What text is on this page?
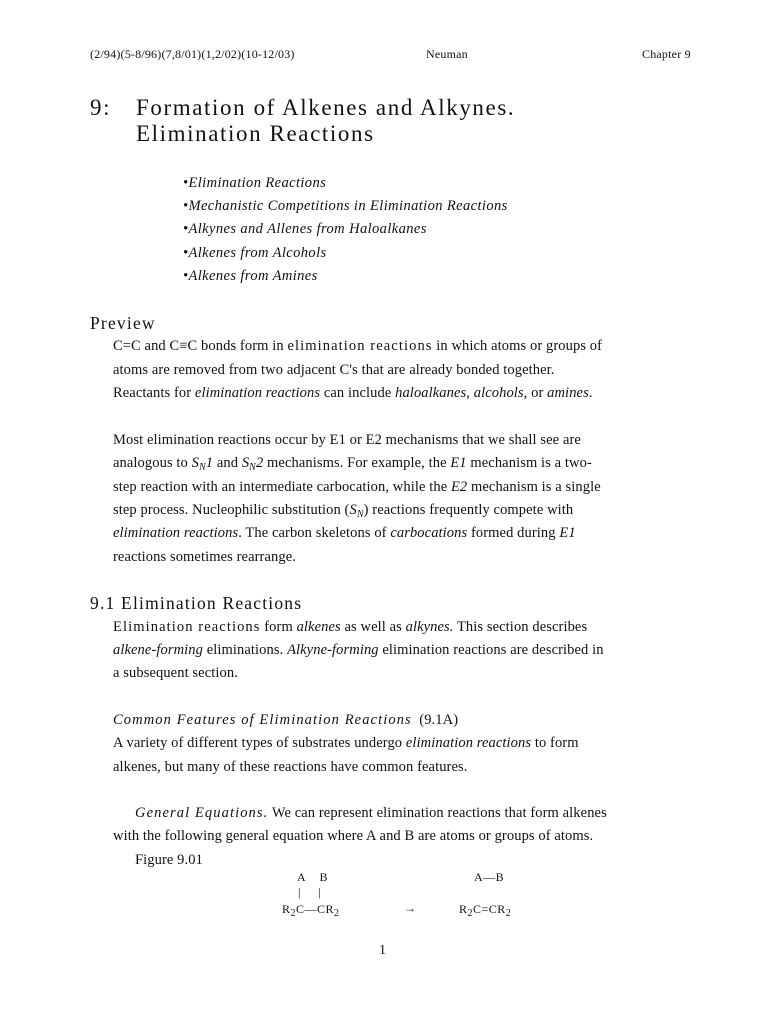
(2/94)(5-8/96)(7,8/01)(1,2/02)(10-12/03)	Neuman	Chapter 9
9: Formation of Alkenes and Alkynes.
Elimination Reactions
•Elimination Reactions
•Mechanistic Competitions in Elimination Reactions
•Alkynes and Allenes from Haloalkanes
•Alkenes from Alcohols
•Alkenes from Amines
Preview
C=C and C≡C bonds form in elimination reactions in which atoms or groups of
atoms are removed from two adjacent C's that are already bonded together.
Reactants for elimination reactions can include haloalkanes, alcohols, or amines.
Most elimination reactions occur by E1 or E2 mechanisms that we shall see are
analogous to $S_N1$ and $S_N2$ mechanisms. For example, the E1 mechanism is a two-
step reaction with an intermediate carbocation, while the E2 mechanism is a single
step process. Nucleophilic substitution $(S_N)$ reactions frequently compete with
elimination reactions. The carbon skeletons of carbocations formed during E1
reactions sometimes rearrange.
9.1 Elimination Reactions
Elimination reactions form alkenes as well as alkynes. This section describes
alkene-forming eliminations. Alkyne-forming elimination reactions are described in
a subsequent section.
Common Features of Elimination Reactions (9.1A)
A variety of different types of substrates undergo elimination reactions to form
alkenes, but many of these reactions have common features.
General Equations. We can represent elimination reactions that form alkenes
with the following general equation where A and B are atoms or groups of atoms.
Figure 9.01
A    B
|     |
$R_2C—CR_2$	→
A—B
$R_2C=CR_2$
1
